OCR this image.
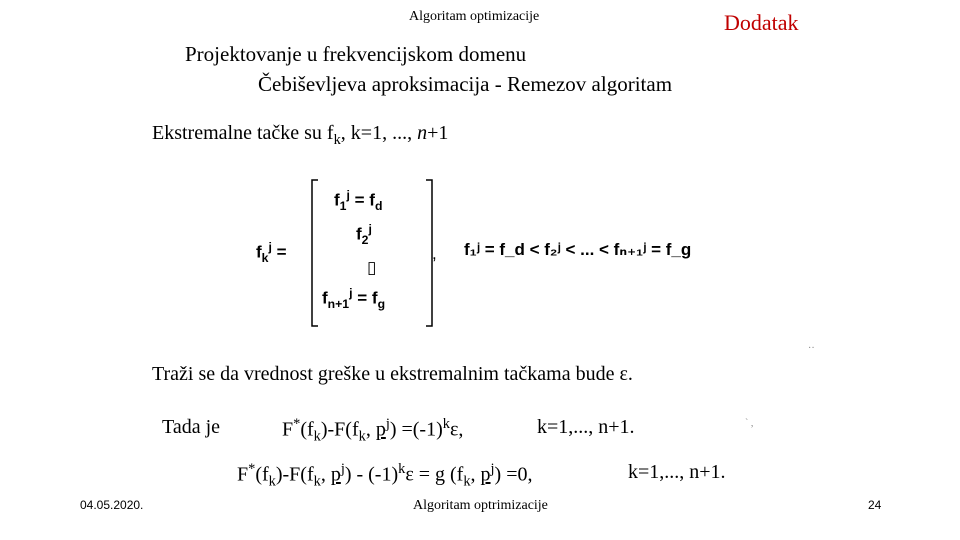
Algoritam optimizacije	Dodatak
Projektovanje u frekvencijskom domenu
Čebiševljeva aproksimacija - Remezov algoritam
Ekstremalne tačke su $f_k$, k=1, ..., n+1
$f_k^j$ =
$f_1^j = f_d$
$f_2^j$
▯
$f_{n+1}^j = f_g$
, f₁ʲ = f_d < f₂ʲ < ... < fₙ₊₁ʲ = f_g
··
Traži se da vrednost greške u ekstremalnim tačkama bude ε.
Tada je	$F^*(f_k)-F(f_k$, $p^j) =(-1)^k\varepsilon$,	k=1,..., n+1.	` ,
$F^*(f_k)-F(f_k$, $p^j) - (-1)^k\varepsilon = g$ ($f_k$, $p^j) =0$,	k=1,..., n+1.
04.05.2020.	Algoritam optrimizacije	24
